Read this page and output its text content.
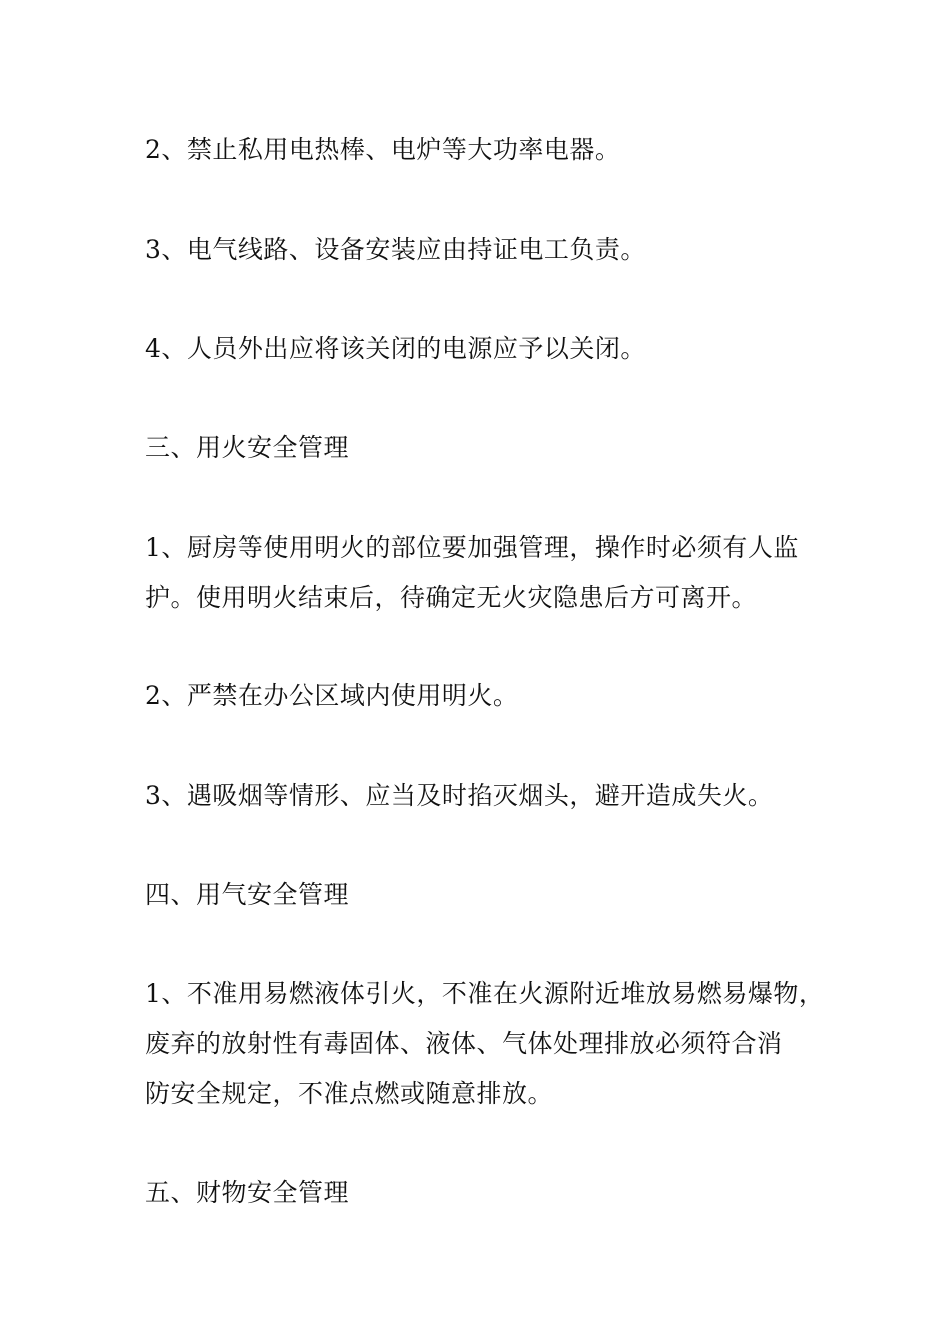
2、禁止私用电热棒、电炉等大功率电器。

3、电气线路、设备安装应由持证电工负责。

4、人员外出应将该关闭的电源应予以关闭。

三、用火安全管理

1、厨房等使用明火的部位要加强管理，操作时必须有人监
护。使用明火结束后，待确定无火灾隐患后方可离开。

2、严禁在办公区域内使用明火。

3、遇吸烟等情形、应当及时掐灭烟头，避开造成失火。

四、用气安全管理

1、不准用易燃液体引火，不准在火源附近堆放易燃易爆物，
废弃的放射性有毒固体、液体、气体处理排放必须符合消
防安全规定，不准点燃或随意排放。

五、财物安全管理
